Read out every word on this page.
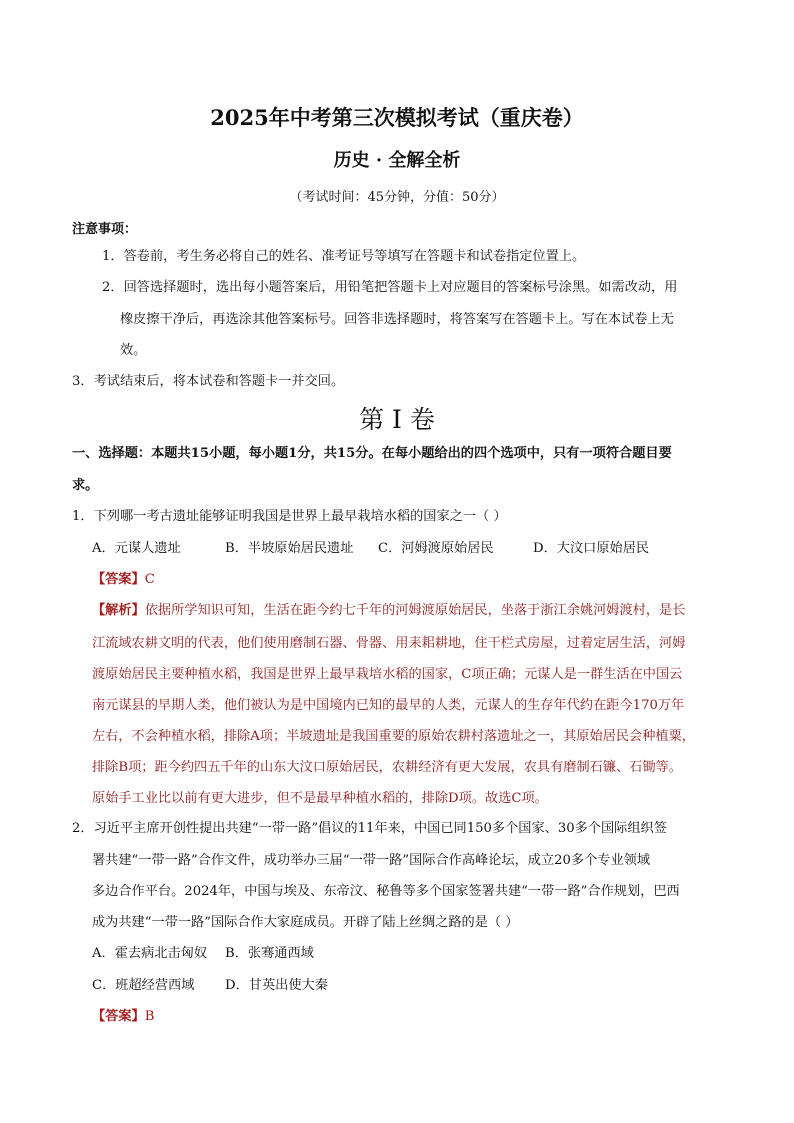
2025年中考第三次模拟考试（重庆卷）
历史 · 全解全析
（考试时间：45分钟，分值：50分）
注意事项：
1．答卷前，考生务必将自己的姓名、准考证号等填写在答题卡和试卷指定位置上。
2．回答选择题时，选出每小题答案后，用铅笔把答题卡上对应题目的答案标号涂黑。如需改动，用
橡皮擦干净后，再选涂其他答案标号。回答非选择题时，将答案写在答题卡上。写在本试卷上无
效。
3．考试结束后，将本试卷和答题卡一并交回。
第 I 卷
一、选择题：本题共15小题，每小题1分，共15分。在每小题给出的四个选项中，只有一项符合题目要
求。
1．下列哪一考古遗址能够证明我国是世界上最早栽培水稻的国家之一（ ）
A．元谋人遗址	B．半坡原始居民遗址 C．河姆渡原始居民	D．大汶口原始居民
【答案】C
【解析】依据所学知识可知，生活在距今约七千年的河姆渡原始居民，坐落于浙江余姚河姆渡村，是长
江流域农耕文明的代表，他们使用磨制石器、骨器、用耒耜耕地，住干栏式房屋，过着定居生活，河姆
渡原始居民主要种植水稻，我国是世界上最早栽培水稻的国家，C项正确；元谋人是一群生活在中国云
南元谋县的早期人类，他们被认为是中国境内已知的最早的人类，元谋人的生存年代约在距今170万年
左右，不会种植水稻，排除A项；半坡遗址是我国重要的原始农耕村落遗址之一，其原始居民会种植粟，
排除B项；距今约四五千年的山东大汶口原始居民，农耕经济有更大发展，农具有磨制石镰、石锄等。
原始手工业比以前有更大进步，但不是最早种植水稻的，排除D项。故选C项。
2．习近平主席开创性提出共建“一带一路”倡议的11年来，中国已同150多个国家、30多个国际组织签
署共建“一带一路”合作文件，成功举办三届“一带一路”国际合作高峰论坛，成立20多个专业领域
多边合作平台。2024年，中国与埃及、东帝汶、秘鲁等多个国家签署共建“一带一路”合作规划，巴西
成为共建“一带一路”国际合作大家庭成员。开辟了陆上丝绸之路的是（ ）
A．霍去病北击匈奴 B．张骞通西域
C．班超经营西域 D．甘英出使大秦
【答案】B
